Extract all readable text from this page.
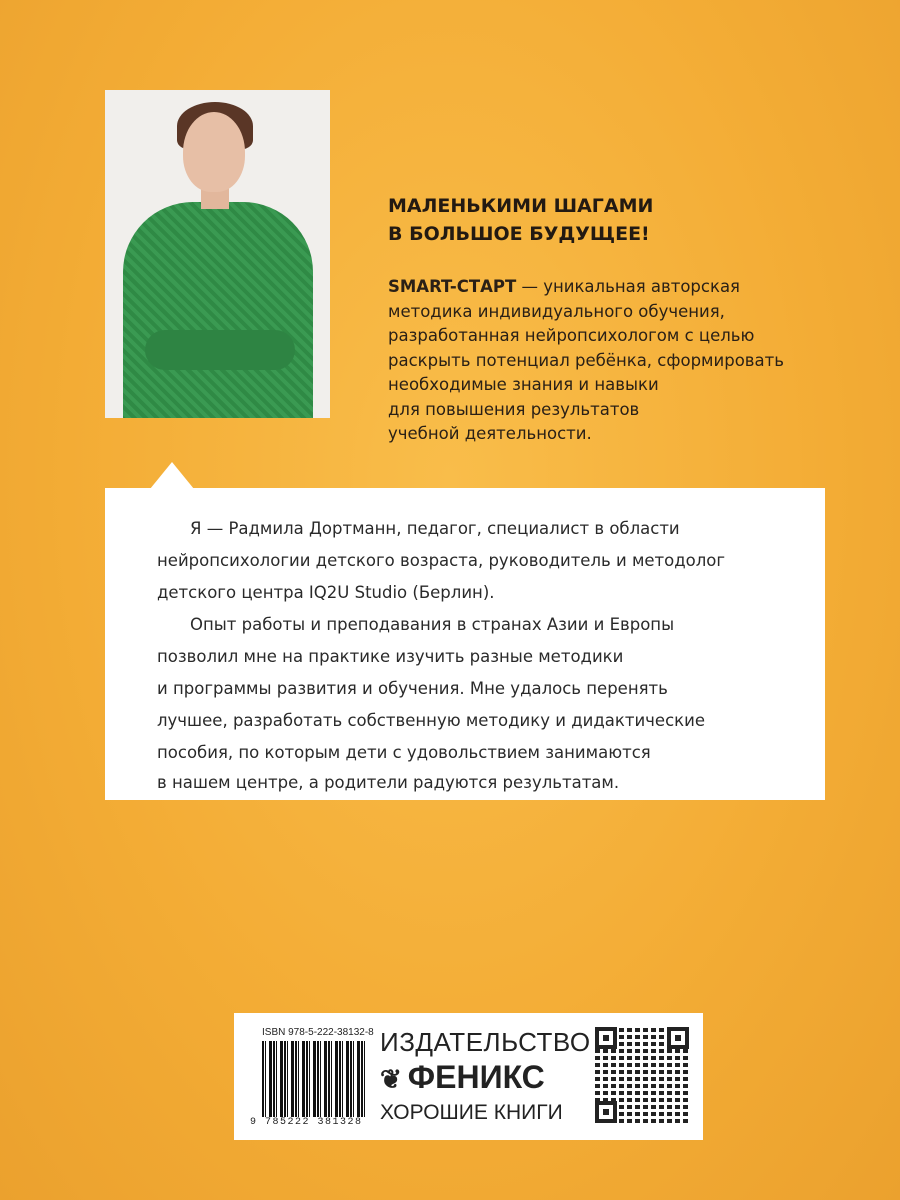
МАЛЕНЬКИМИ ШАГАМИ
В БОЛЬШОЕ БУДУЩЕЕ!
SMART-СТАРТ — уникальная авторская
методика индивидуального обучения,
разработанная нейропсихологом с целью
раскрыть потенциал ребёнка, сформировать
необходимые знания и навыки
для повышения результатов
учебной деятельности.
Я — Радмила Дортманн, педагог, специалист в области
нейропсихологии детского возраста, руководитель и методолог
детского центра IQ2U Studio (Берлин).
Опыт работы и преподавания в странах Азии и Европы
позволил мне на практике изучить разные методики
и программы развития и обучения. Мне удалось перенять
лучшее, разработать собственную методику и дидактические
пособия, по которым дети с удовольствием занимаются
в нашем центре, а родители радуются результатам.
ISBN 978-5-222-38132-8
9 785222 381328
ИЗДАТЕЛЬСТВО
❦ ФЕНИКС
ХОРОШИЕ КНИГИ
